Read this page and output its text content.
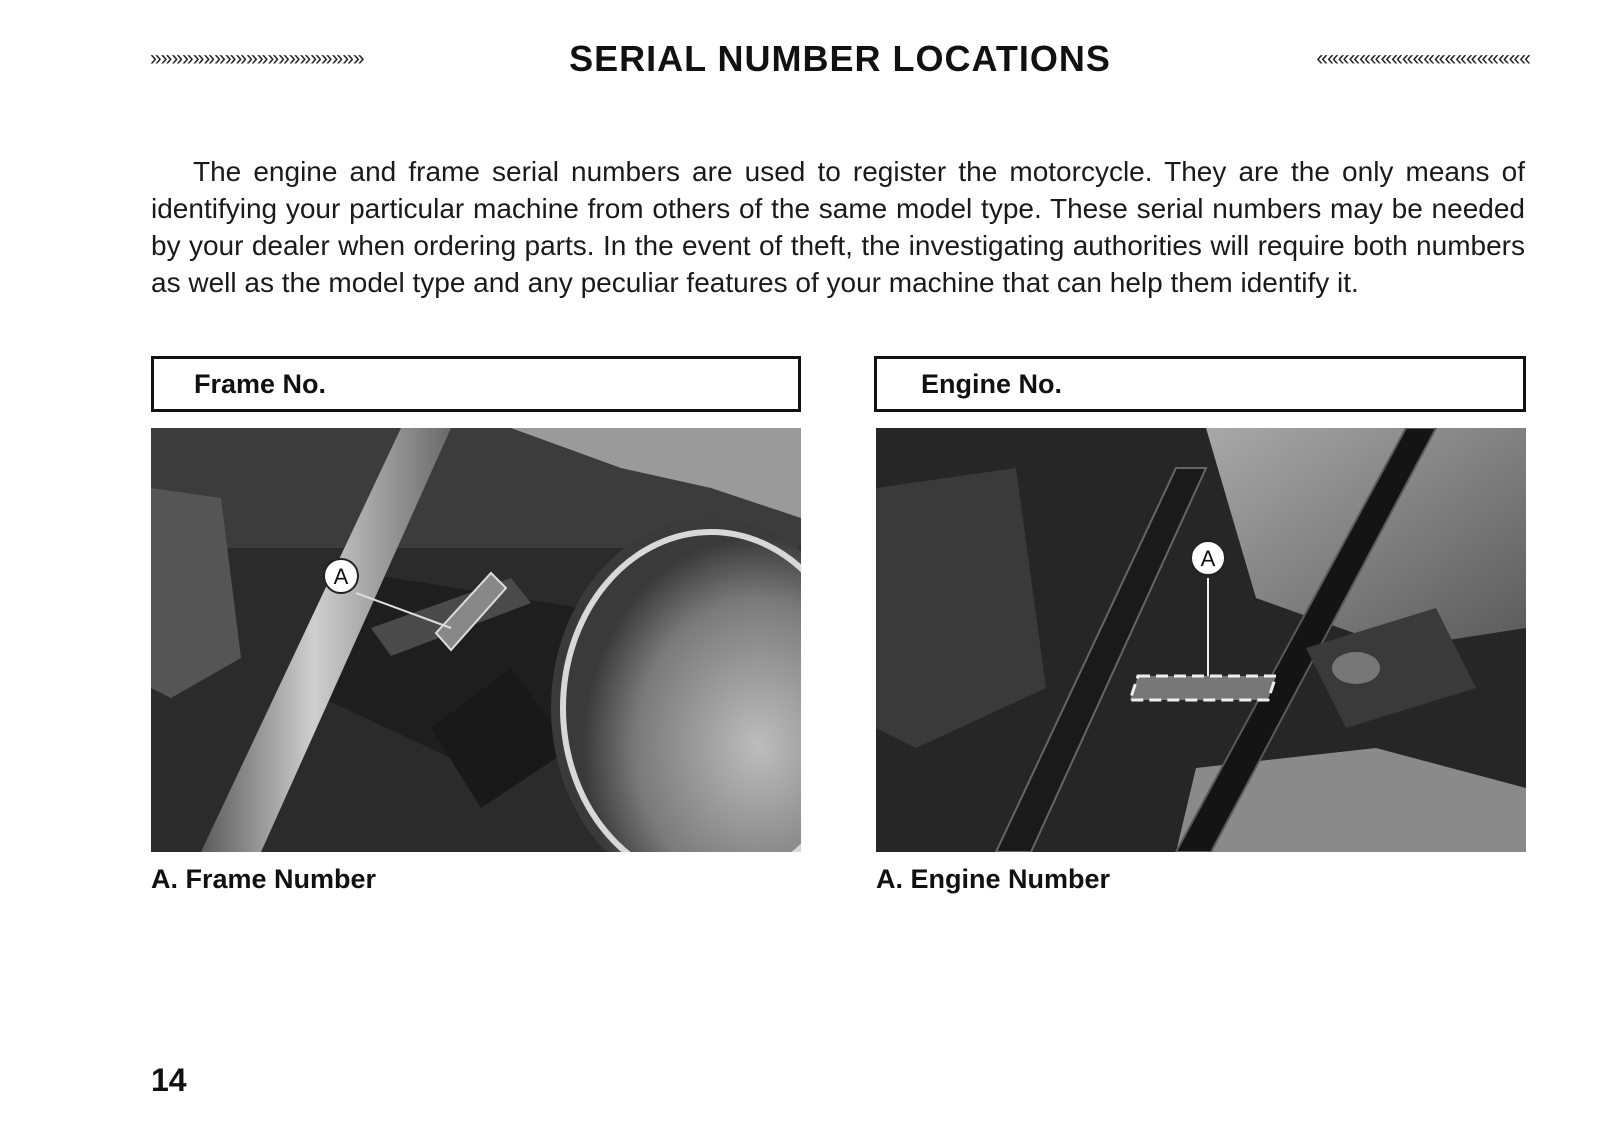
»»»»»»»»»»»»»»»»»»»»	SERIAL NUMBER LOCATIONS	««««««««««««««««««««

The engine and frame serial numbers are used to register the motorcycle. They are the only means of identifying your particular machine from others of the same model type. These serial numbers may be needed by your dealer when ordering parts. In the event of theft, the investigating authorities will require both numbers as well as the model type and any peculiar features of your machine that can help them identify it.

Frame No.	Engine No.
A
A
A. Frame Number	A. Engine Number
14
